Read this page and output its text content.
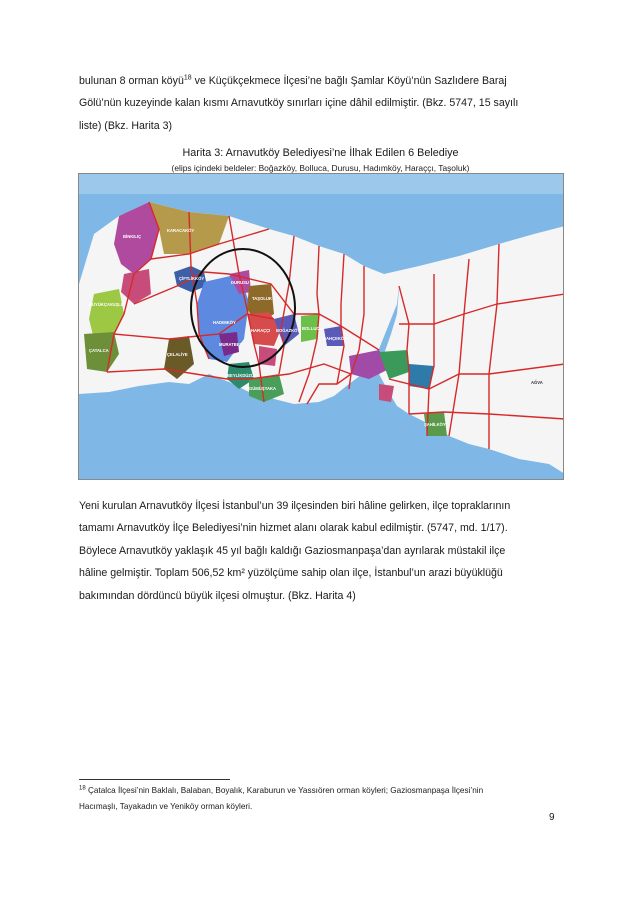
bulunan 8 orman köyü$^{18}$ ve Küçükçekmece İlçesi’ne bağlı Şamlar Köyü’nün Sazlıdere Baraj
Gölü’nün kuzeyinde kalan kısmı Arnavutköy sınırları içine dâhil edilmiştir. (Bkz. 5747, 15 sayılı
liste) (Bkz. Harita 3)
Harita 3: Arnavutköy Belediyesi’ne İlhak Edilen 6 Belediye
(elips içindeki beldeler: Boğazköy, Bolluca, Durusu, Hadımköy, Haraççı, Taşoluk)
BİNKILIÇ
KARACAKÖY
BÜYÜKÇAVUŞLU
ÇİFTLİKKÖY
DURUSU
TAŞOLUK
HADIMKÖY
BOĞAZKÖY
HARAÇÇI	BOLLUCA
ÇATALCA
ÇELALİYE
GÜMÜŞYAKA
BEYLİKDÜZÜ
MURATBEY
BAHÇEKÖY
AĞVA
ŞAHİLKÖY
Yeni kurulan Arnavutköy İlçesi İstanbul’un 39 ilçesinden biri hâline gelirken, ilçe topraklarının
tamamı Arnavutköy İlçe Belediyesi’nin hizmet alanı olarak kabul edilmiştir. (5747, md. 1/17).
Böylece Arnavutköy yaklaşık 45 yıl bağlı kaldığı Gaziosmanpaşa’dan ayrılarak müstakil ilçe
hâline gelmiştir. Toplam 506,52 km² yüzölçüme sahip olan ilçe, İstanbul’un arazi büyüklüğü
bakımından dördüncü büyük ilçesi olmuştur. (Bkz. Harita 4)
$^{18}$ Çatalca İlçesi’nin Baklalı, Balaban, Boyalık, Karaburun ve Yassıören orman köyleri; Gaziosmanpaşa İlçesi’nin
Hacımaşlı, Tayakadın ve Yeniköy orman köyleri.
9
